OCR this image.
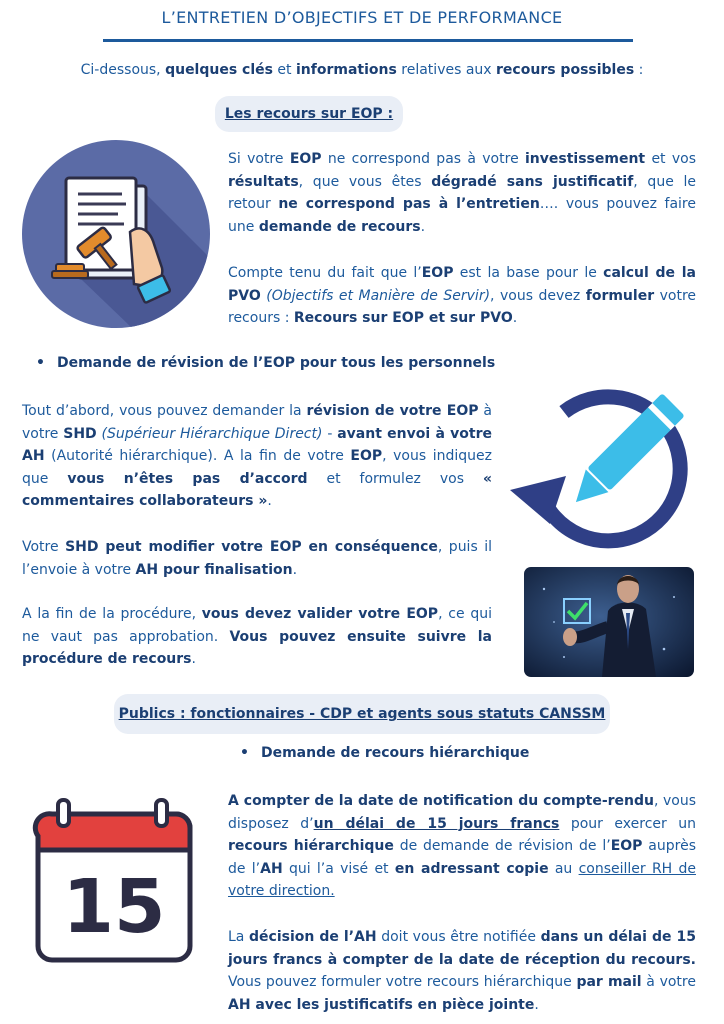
L’ENTRETIEN D’OBJECTIFS ET DE PERFORMANCE
Ci-dessous, quelques clés et informations relatives aux recours possibles :
Les recours sur EOP :
Si votre EOP ne correspond pas à votre investissement et vos résultats, que vous êtes dégradé sans justificatif, que le retour ne correspond pas à l’entretien…. vous pouvez faire une demande de recours.
Compte tenu du fait que l’EOP est la base pour le calcul de la PVO (Objectifs et Manière de Servir), vous devez formuler votre recours : Recours sur EOP et sur PVO.
• Demande de révision de l’EOP pour tous les personnels
Tout d’abord, vous pouvez demander la révision de votre EOP à votre SHD (Supérieur Hiérarchique Direct) - avant envoi à votre AH (Autorité hiérarchique). A la fin de votre EOP, vous indiquez que vous n’êtes pas d’accord et formulez vos « commentaires collaborateurs ».
Votre SHD peut modifier votre EOP en conséquence, puis il l’envoie à votre AH pour finalisation.
A la fin de la procédure, vous devez valider votre EOP, ce qui ne vaut pas approbation. Vous pouvez ensuite suivre la procédure de recours.
Publics : fonctionnaires - CDP et agents sous statuts CANSSM
• Demande de recours hiérarchique
15
A compter de la date de notification du compte-rendu, vous disposez d’un délai de 15 jours francs pour exercer un recours hiérarchique de demande de révision de l’EOP auprès de l’AH qui l’a visé et en adressant copie au conseiller RH de votre direction.
La décision de l’AH doit vous être notifiée dans un délai de 15 jours francs à compter de la date de réception du recours. Vous pouvez formuler votre recours hiérarchique par mail à votre AH avec les justificatifs en pièce jointe.
